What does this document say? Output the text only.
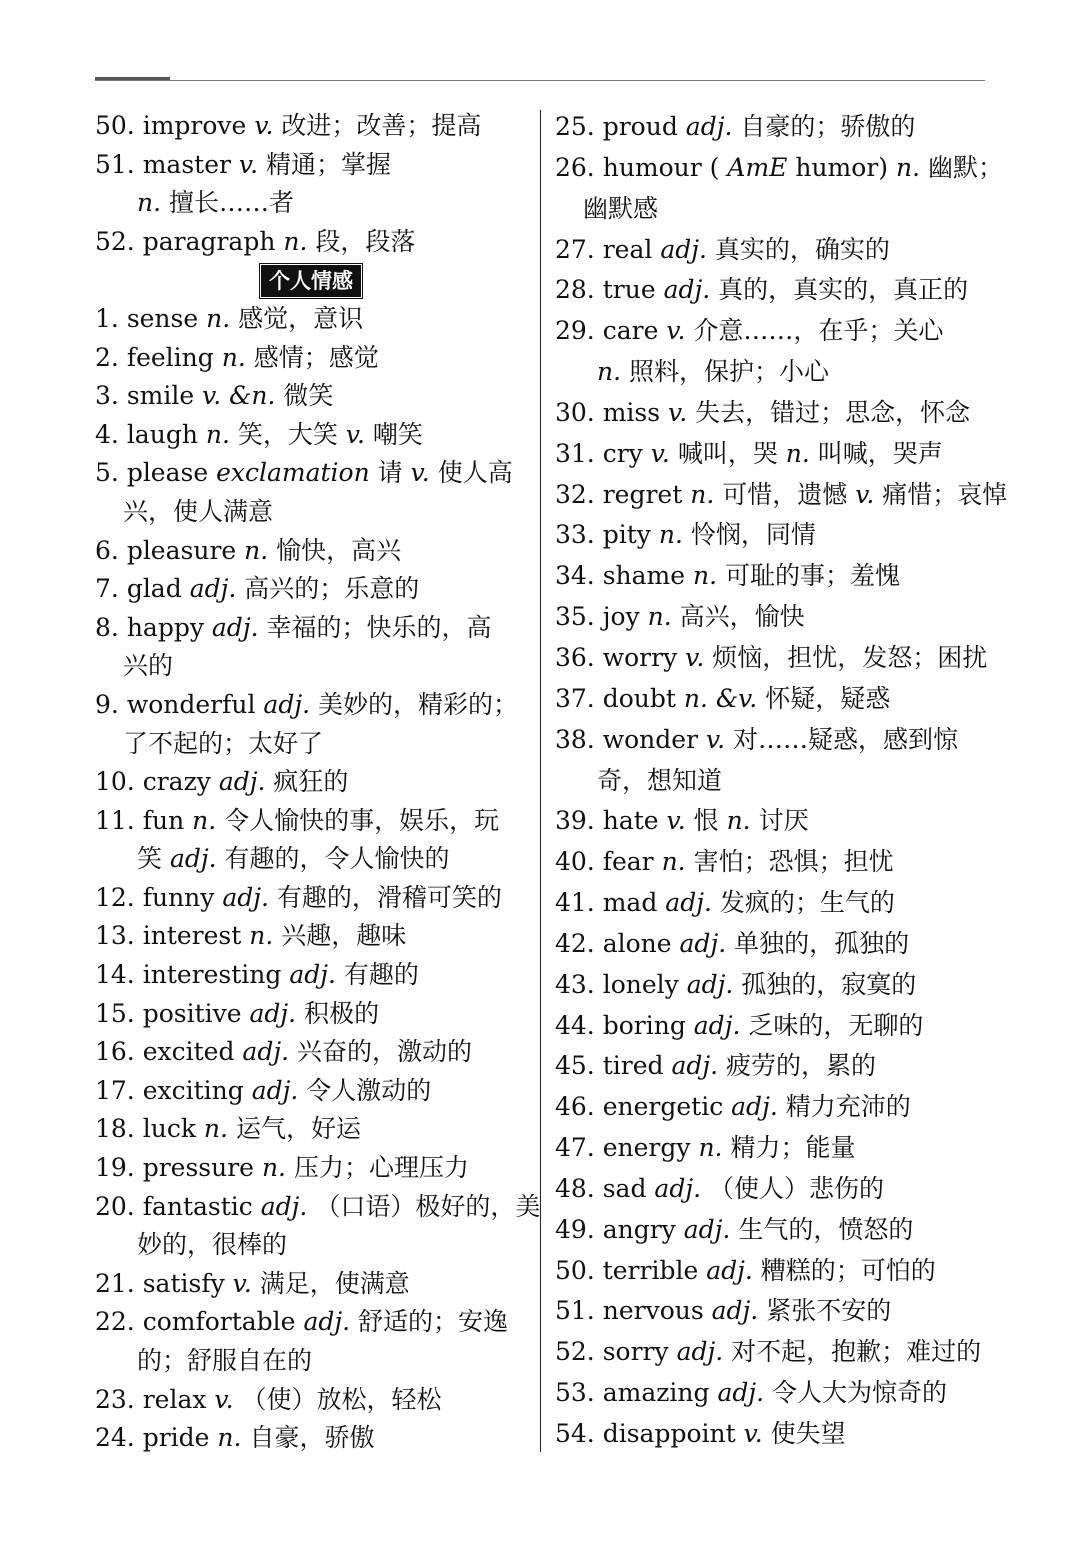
50. improve v. 改进；改善；提高
51. master v. 精通；掌握
n. 擅长……者
52. paragraph n. 段，段落
个人情感
1. sense n. 感觉，意识
2. feeling n. 感情；感觉
3. smile v. &n. 微笑
4. laugh n. 笑，大笑 v. 嘲笑
5. please exclamation 请 v. 使人高
兴，使人满意
6. pleasure n. 愉快，高兴
7. glad adj. 高兴的；乐意的
8. happy adj. 幸福的；快乐的，高
兴的
9. wonderful adj. 美妙的，精彩的；
了不起的；太好了
10. crazy adj. 疯狂的
11. fun n. 令人愉快的事，娱乐，玩
笑 adj. 有趣的，令人愉快的
12. funny adj. 有趣的，滑稽可笑的
13. interest n. 兴趣，趣味
14. interesting adj. 有趣的
15. positive adj. 积极的
16. excited adj. 兴奋的，激动的
17. exciting adj. 令人激动的
18. luck n. 运气，好运
19. pressure n. 压力；心理压力
20. fantastic adj. （口语）极好的，美
妙的，很棒的
21. satisfy v. 满足，使满意
22. comfortable adj. 舒适的；安逸
的；舒服自在的
23. relax v. （使）放松，轻松
24. pride n. 自豪，骄傲
25. proud adj. 自豪的；骄傲的
26. humour ( AmE humor) n. 幽默；
幽默感
27. real adj. 真实的，确实的
28. true adj. 真的，真实的，真正的
29. care v. 介意……，在乎；关心
n. 照料，保护；小心
30. miss v. 失去，错过；思念，怀念
31. cry v. 喊叫，哭 n. 叫喊，哭声
32. regret n. 可惜，遗憾 v. 痛惜；哀悼
33. pity n. 怜悯，同情
34. shame n. 可耻的事；羞愧
35. joy n. 高兴，愉快
36. worry v. 烦恼，担忧，发怒；困扰
37. doubt n. &v. 怀疑，疑惑
38. wonder v. 对……疑惑，感到惊
奇，想知道
39. hate v. 恨 n. 讨厌
40. fear n. 害怕；恐惧；担忧
41. mad adj. 发疯的；生气的
42. alone adj. 单独的，孤独的
43. lonely adj. 孤独的，寂寞的
44. boring adj. 乏味的，无聊的
45. tired adj. 疲劳的，累的
46. energetic adj. 精力充沛的
47. energy n. 精力；能量
48. sad adj. （使人）悲伤的
49. angry adj. 生气的，愤怒的
50. terrible adj. 糟糕的；可怕的
51. nervous adj. 紧张不安的
52. sorry adj. 对不起，抱歉；难过的
53. amazing adj. 令人大为惊奇的
54. disappoint v. 使失望
